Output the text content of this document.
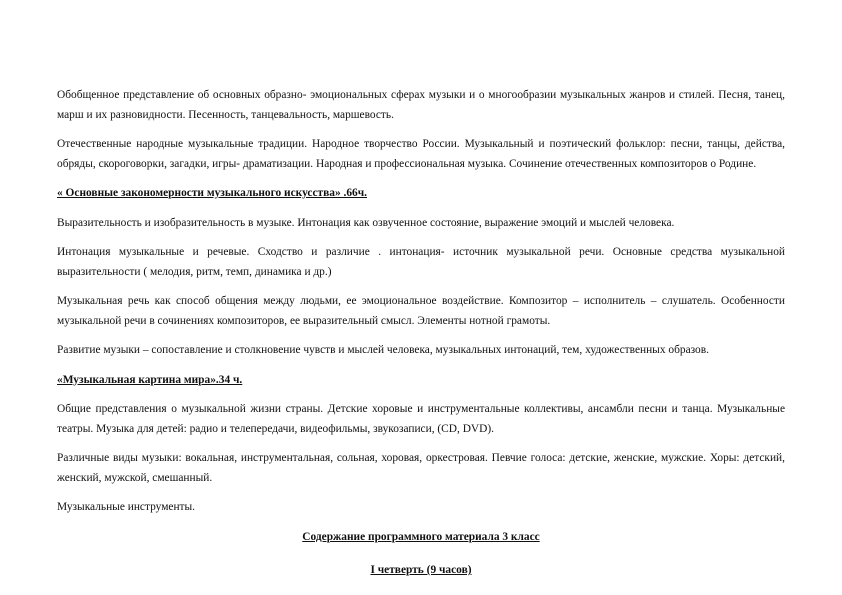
Обобщенное представление об основных образно- эмоциональных сферах музыки и о многообразии музыкальных жанров и стилей. Песня, танец, марш и их разновидности. Песенность, танцевальность, маршевость.

Отечественные народные музыкальные традиции. Народное творчество России. Музыкальный и поэтический фольклор: песни, танцы, действа, обряды, скороговорки, загадки, игры- драматизации. Народная и профессиональная музыка. Сочинение отечественных композиторов о Родине.

« Основные закономерности музыкального искусства» .66ч.

Выразительность и изобразительность в музыке. Интонация как озвученное состояние, выражение эмоций и мыслей человека.

Интонация музыкальные и речевые. Сходство и различие . интонация- источник музыкальной речи. Основные средства музыкальной выразительности ( мелодия, ритм, темп, динамика и др.)

Музыкальная речь как способ общения между людьми, ее эмоциональное воздействие. Композитор – исполнитель – слушатель. Особенности музыкальной речи в сочинениях композиторов, ее выразительный смысл. Элементы нотной грамоты.

Развитие музыки – сопоставление и столкновение чувств и мыслей человека, музыкальных интонаций, тем, художественных образов.

«Музыкальная картина мира».34 ч.

Общие представления о музыкальной жизни страны. Детские хоровые и инструментальные коллективы, ансамбли песни и танца. Музыкальные театры. Музыка для детей: радио и телепередачи, видеофильмы, звукозаписи, (CD, DVD).

Различные виды музыки: вокальная, инструментальная, сольная, хоровая, оркестровая. Певчие голоса: детские, женские, мужские. Хоры: детский, женский, мужской, смешанный.

Музыкальные инструменты.

Содержание программного материала 3 класс

I четверть (9 часов)
